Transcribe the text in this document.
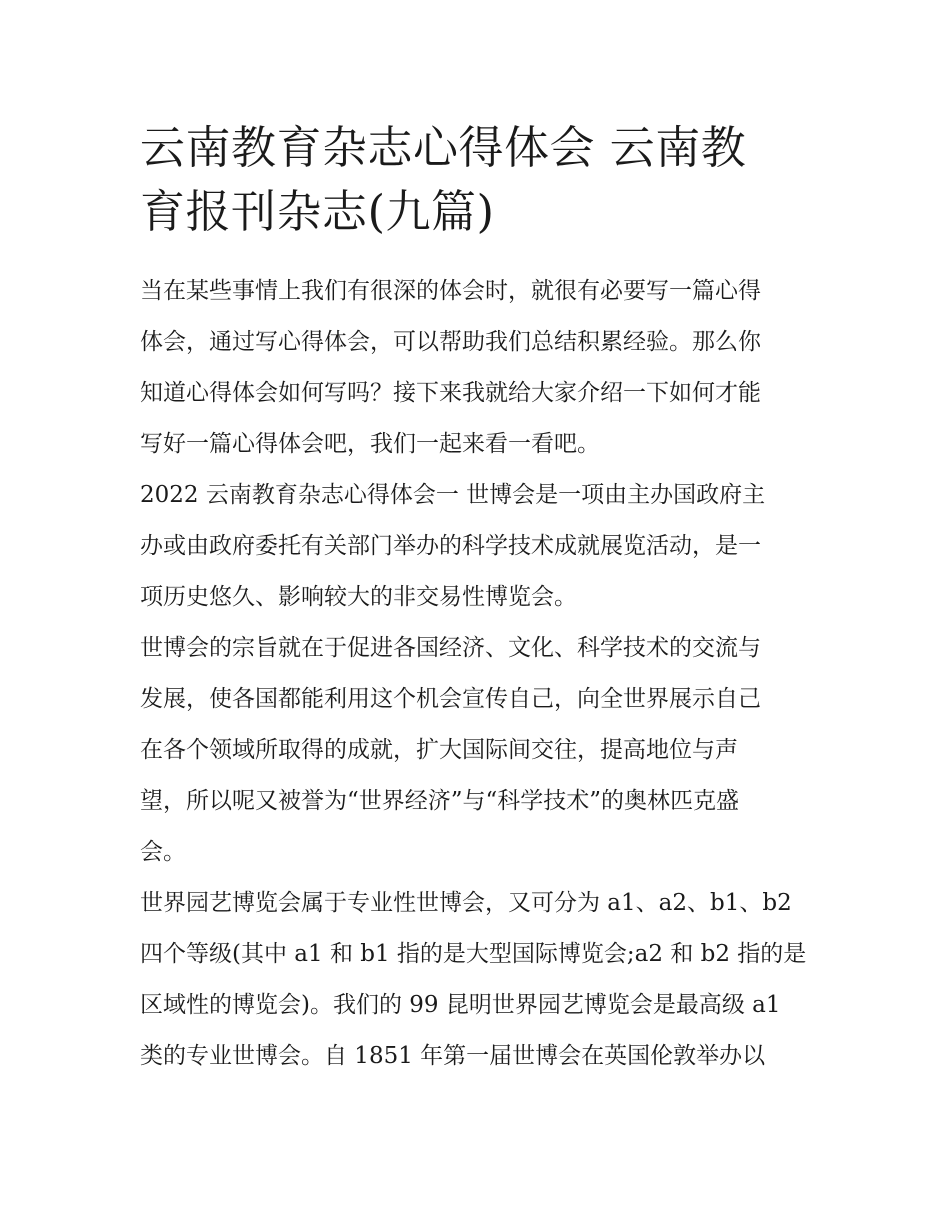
云南教育杂志心得体会 云南教
育报刊杂志(九篇)

当在某些事情上我们有很深的体会时，就很有必要写一篇心得
体会，通过写心得体会，可以帮助我们总结积累经验。那么你
知道心得体会如何写吗？接下来我就给大家介绍一下如何才能
写好一篇心得体会吧，我们一起来看一看吧。

2022 云南教育杂志心得体会一 世博会是一项由主办国政府主
办或由政府委托有关部门举办的科学技术成就展览活动，是一
项历史悠久、影响较大的非交易性博览会。

世博会的宗旨就在于促进各国经济、文化、科学技术的交流与
发展，使各国都能利用这个机会宣传自己，向全世界展示自己
在各个领域所取得的成就，扩大国际间交往，提高地位与声
望，所以呢又被誉为“世界经济”与“科学技术”的奥林匹克盛
会。

世界园艺博览会属于专业性世博会，又可分为 a1、a2、b1、b2
四个等级(其中 a1 和 b1 指的是大型国际博览会;a2 和 b2 指的是
区域性的博览会)。我们的 99 昆明世界园艺博览会是最高级 a1
类的专业世博会。自 1851 年第一届世博会在英国伦敦举办以
